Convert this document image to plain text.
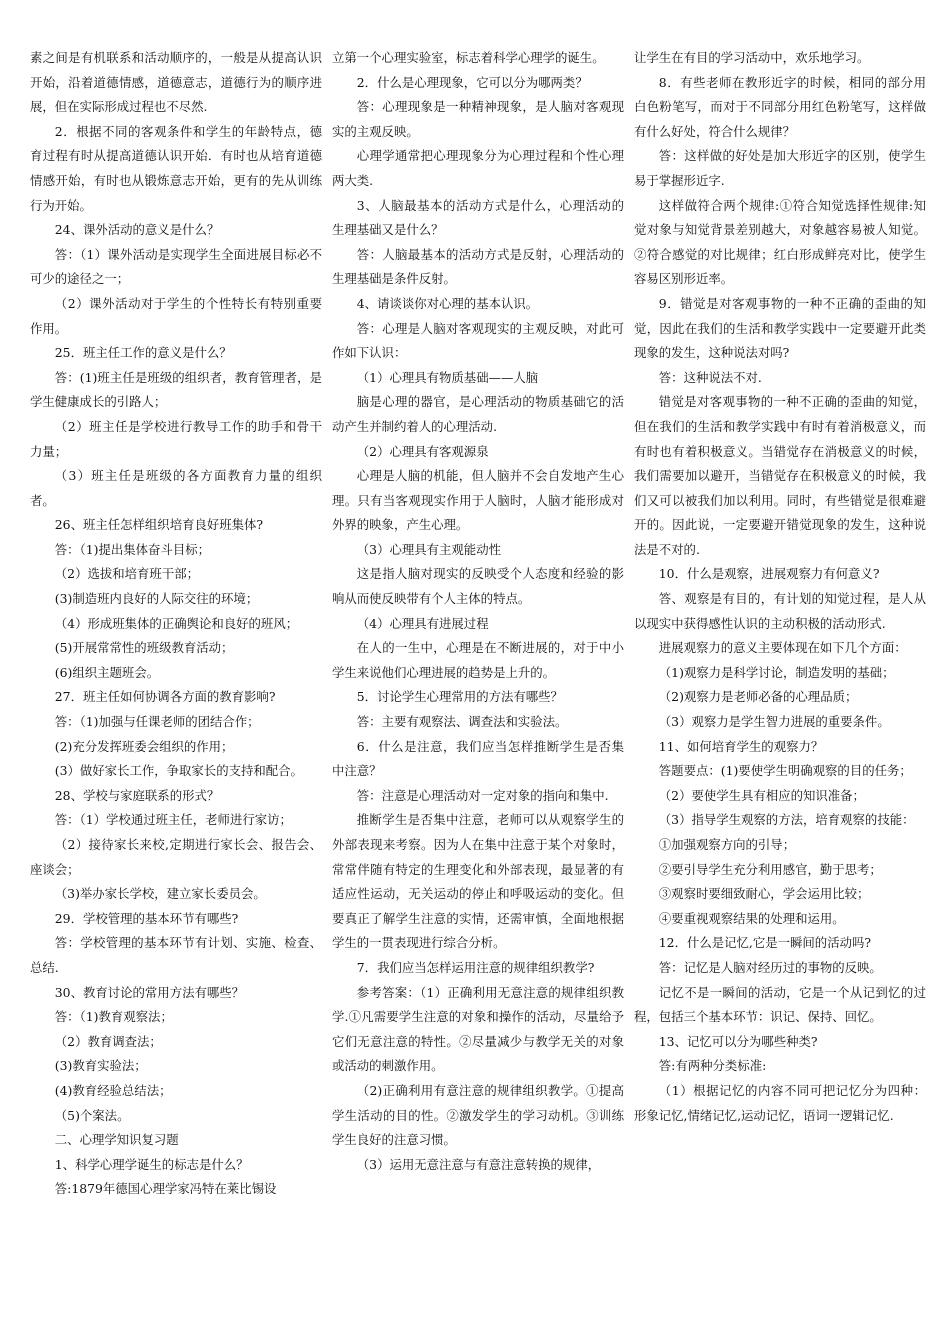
素之间是有机联系和活动顺序的，一般是从提高认识开始，沿着道德情感，道德意志，道德行为的顺序进展，但在实际形成过程也不尽然.

2．根据不同的客观条件和学生的年龄特点，德育过程有时从提高道德认识开始．有时也从培育道德情感开始，有时也从锻炼意志开始，更有的先从训练行为开始。

24、课外活动的意义是什么？

答：（1）课外活动是实现学生全面进展目标必不可少的途径之一；

（2）课外活动对于学生的个性特长有特别重要作用。

25．班主任工作的意义是什么？

答：(1)班主任是班级的组织者，教育管理者，是学生健康成长的引路人；

（2）班主任是学校进行教导工作的助手和骨干力量；

（3）班主任是班级的各方面教育力量的组织者。

26、班主任怎样组织培育良好班集体?

答：（1)提出集体奋斗目标；

（2）选拔和培育班干部；

(3)制造班内良好的人际交往的环境；

（4）形成班集体的正确舆论和良好的班风；

(5)开展常常性的班级教育活动；

(6)组织主题班会。

27．班主任如何协调各方面的教育影响?

答：（1)加强与任课老师的团结合作；

(2)充分发挥班委会组织的作用；

(3）做好家长工作，争取家长的支持和配合。

28、学校与家庭联系的形式？

答：（1）学校通过班主任，老师进行家访；

（2）接待家长来校,定期进行家长会、报告会、座谈会；

（3)举办家长学校，建立家长委员会。

29．学校管理的基本环节有哪些?

答：学校管理的基本环节有计划、实施、检查、总结.

30、教育讨论的常用方法有哪些？

答：（1)教育观察法；

（2）教育调查法；

(3)教育实验法；

(4)教育经验总结法；

（5)个案法。

二、心理学知识复习题

1、科学心理学诞生的标志是什么？

答:1879年德国心理学家冯特在莱比锡设

立第一个心理实验室，标志着科学心理学的诞生。

2．什么是心理现象，它可以分为哪两类？

答：心理现象是一种精神现象，是人脑对客观现实的主观反映。

心理学通常把心理现象分为心理过程和个性心理两大类.

3、人脑最基本的活动方式是什么，心理活动的生理基础又是什么？

答：人脑最基本的活动方式是反射，心理活动的生理基础是条件反射。

4、请谈谈你对心理的基本认识。

答：心理是人脑对客观现实的主观反映，对此可作如下认识：

（1）心理具有物质基础——人脑

脑是心理的器官，是心理活动的物质基础它的活动产生并制约着人的心理活动.

（2）心理具有客观源泉

心理是人脑的机能，但人脑并不会自发地产生心理。只有当客观现实作用于人脑时，人脑才能形成对外界的映象，产生心理。

（3）心理具有主观能动性

这是指人脑对现实的反映受个人态度和经验的影响从而使反映带有个人主体的特点。

（4）心理具有进展过程

在人的一生中，心理是在不断进展的，对于中小学生来说他们心理进展的趋势是上升的。

5．讨论学生心理常用的方法有哪些？

答：主要有观察法、调查法和实验法。

6．什么是注意，我们应当怎样推断学生是否集中注意？

答：注意是心理活动对一定对象的指向和集中.

推断学生是否集中注意，老师可以从观察学生的外部表现来考察。因为人在集中注意于某个对象时，常常伴随有特定的生理变化和外部表现，最显著的有适应性运动，无关运动的停止和呼吸运动的变化。但要真正了解学生注意的实情，还需审慎，全面地根据学生的一贯表现进行综合分析。

7．我们应当怎样运用注意的规律组织教学?

参考答案：（1）正确利用无意注意的规律组织教学.①凡需要学生注意的对象和操作的活动，尽量给予它们无意注意的特性。②尽量减少与教学无关的对象或活动的刺激作用。

（2)正确利用有意注意的规律组织教学。①提高学生活动的目的性。②激发学生的学习动机。③训练学生良好的注意习惯。

（3）运用无意注意与有意注意转换的规律，

让学生在有目的学习活动中，欢乐地学习。

8．有些老师在教形近字的时候，相同的部分用白色粉笔写，而对于不同部分用红色粉笔写，这样做有什么好处，符合什么规律？

答：这样做的好处是加大形近字的区别，使学生易于掌握形近字.

这样做符合两个规律:①符合知觉选择性规律:知觉对象与知觉背景差别越大，对象越容易被人知觉。②符合感觉的对比规律；红白形成鲜亮对比，使学生容易区别形近率。

9．错觉是对客观事物的一种不正确的歪曲的知觉，因此在我们的生活和教学实践中一定要避开此类现象的发生，这种说法对吗?

答：这种说法不对.

错觉是对客观事物的一种不正确的歪曲的知觉，但在我们的生活和教学实践中有时有着消极意义，而有时也有着积极意义。当错觉存在消极意义的时候，我们需要加以避开，当错觉存在积极意义的时候，我们又可以被我们加以利用。同时，有些错觉是很难避开的。因此说，一定要避开错觉现象的发生，这种说法是不对的.

10．什么是观察，进展观察力有何意义?

答、观察是有目的，有计划的知觉过程，是人从以现实中获得感性认识的主动积极的活动形式.

进展观察力的意义主要体现在如下几个方面：

（1)观察力是科学讨论，制造发明的基础；

（2)观察力是老师必备的心理品质；

（3）观察力是学生智力进展的重要条件。

11、如何培育学生的观察力？

答题要点：(1)要使学生明确观察的目的任务；

（2）要使学生具有相应的知识准备；

（3）指导学生观察的方法，培育观察的技能：

①加强观察方向的引导；

②要引导学生充分利用感官，勤于思考；

③观察时要细致耐心，学会运用比较；

④要重视观察结果的处理和运用。

12．什么是记忆,它是一瞬间的活动吗?

答：记忆是人脑对经历过的事物的反映。

记忆不是一瞬间的活动，它是一个从记到忆的过程，包括三个基本环节：识记、保持、回忆。

13、记忆可以分为哪些种类?

答:有两种分类标准:

（1）根据记忆的内容不同可把记忆分为四种：形象记忆,情绪记忆,运动记忆，语词一逻辑记忆.
